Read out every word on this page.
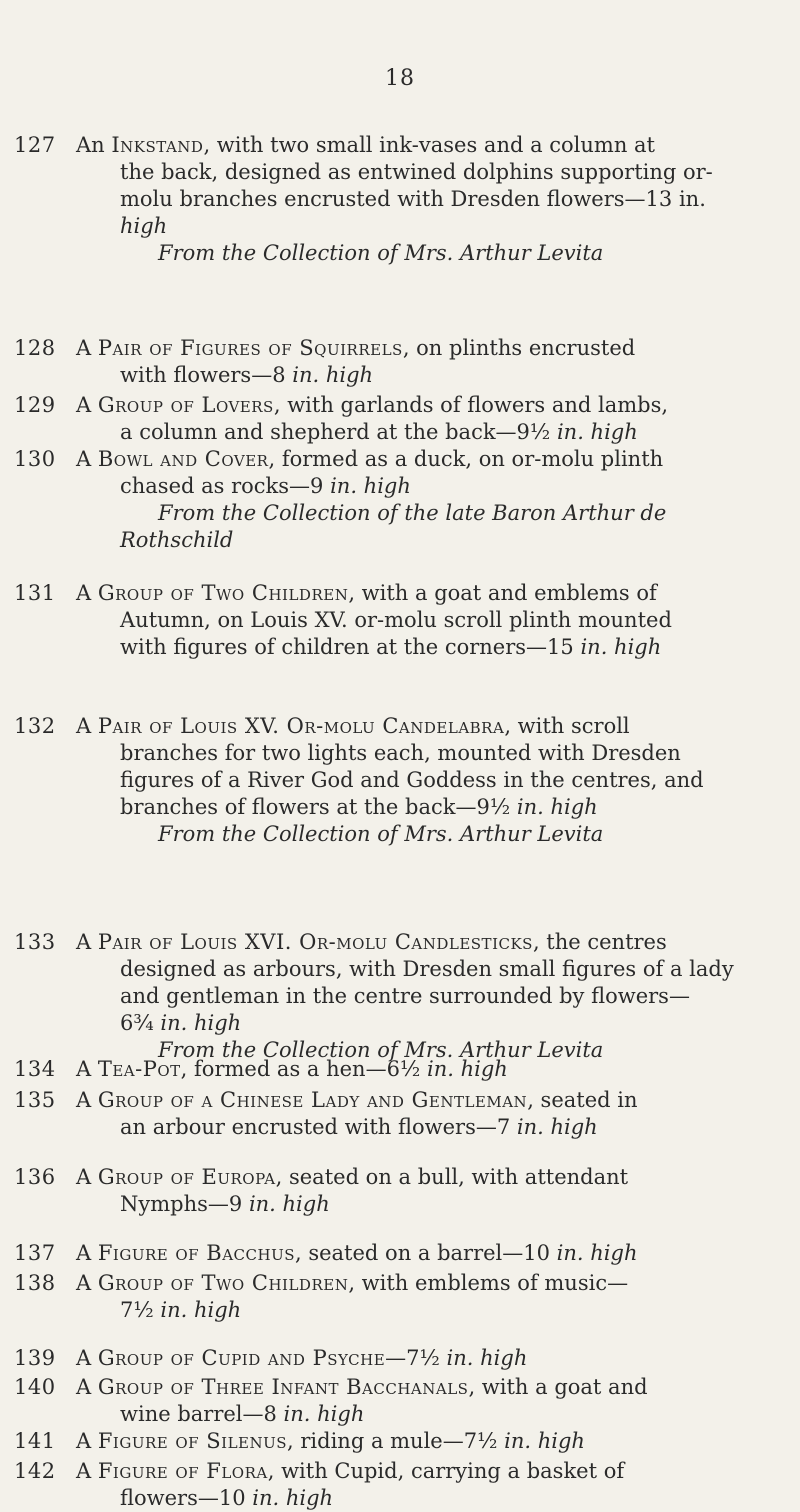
18
127 An Inkstand, with two small ink-vases and a column at
the back, designed as entwined dolphins supporting or-
molu branches encrusted with Dresden flowers—13 in.
high
From the Collection of Mrs. Arthur Levita
128 A Pair of Figures of Squirrels, on plinths encrusted
with flowers—8 in. high
129 A Group of Lovers, with garlands of flowers and lambs,
a column and shepherd at the back—9½ in. high
130 A Bowl and Cover, formed as a duck, on or-molu plinth
chased as rocks—9 in. high
From the Collection of the late Baron Arthur de
Rothschild
131 A Group of Two Children, with a goat and emblems of
Autumn, on Louis XV. or-molu scroll plinth mounted
with figures of children at the corners—15 in. high
132 A Pair of Louis XV. Or-molu Candelabra, with scroll
branches for two lights each, mounted with Dresden
figures of a River God and Goddess in the centres, and
branches of flowers at the back—9½ in. high
From the Collection of Mrs. Arthur Levita
133 A Pair of Louis XVI. Or-molu Candlesticks, the centres
designed as arbours, with Dresden small figures of a lady
and gentleman in the centre surrounded by flowers—
6¾ in. high
From the Collection of Mrs. Arthur Levita
134 A Tea-Pot, formed as a hen—6½ in. high
135 A Group of a Chinese Lady and Gentleman, seated in
an arbour encrusted with flowers—7 in. high
136 A Group of Europa, seated on a bull, with attendant
Nymphs—9 in. high
137 A Figure of Bacchus, seated on a barrel—10 in. high
138 A Group of Two Children, with emblems of music—
7½ in. high
139 A Group of Cupid and Psyche—7½ in. high
140 A Group of Three Infant Bacchanals, with a goat and
wine barrel—8 in. high
141 A Figure of Silenus, riding a mule—7½ in. high
142 A Figure of Flora, with Cupid, carrying a basket of
flowers—10 in. high
